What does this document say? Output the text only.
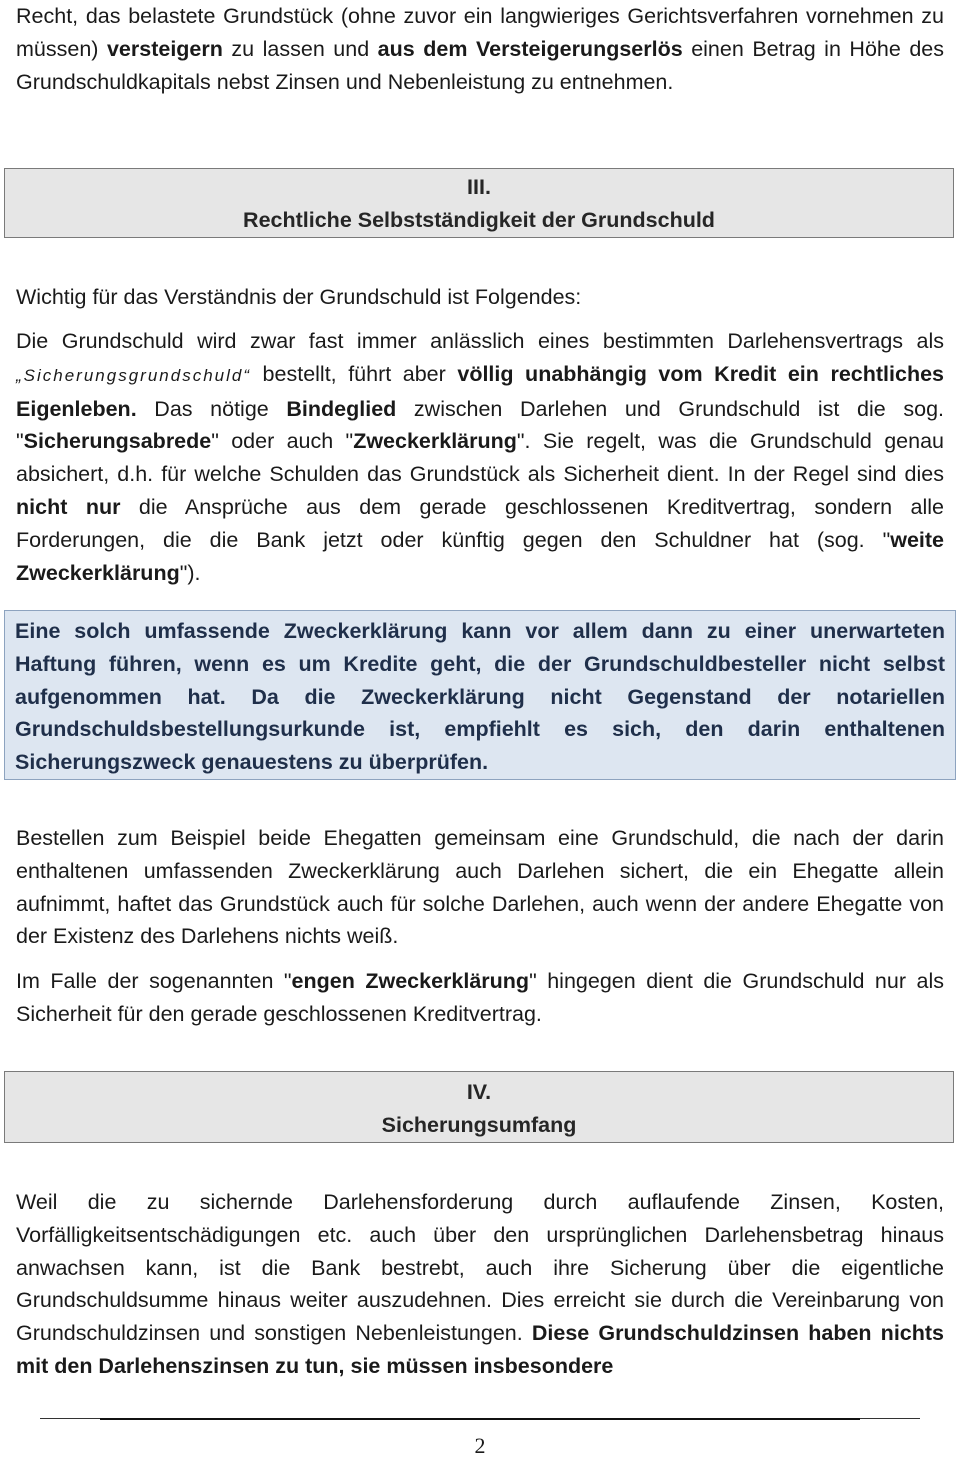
Recht, das belastete Grundstück (ohne zuvor ein langwieriges Gerichtsverfahren vornehmen zu müssen) versteigern zu lassen und aus dem Versteigerungserlös einen Betrag in Höhe des Grundschuldkapitals nebst Zinsen und Nebenleistung zu entnehmen.

III.
Rechtliche Selbstständigkeit der Grundschuld

Wichtig für das Verständnis der Grundschuld ist Folgendes:

Die Grundschuld wird zwar fast immer anlässlich eines bestimmten Darlehensvertrags als „Sicherungsgrundschuld“ bestellt, führt aber völlig unabhängig vom Kredit ein rechtliches Eigenleben. Das nötige Bindeglied zwischen Darlehen und Grundschuld ist die sog. "Sicherungsabrede" oder auch "Zweckerklärung". Sie regelt, was die Grundschuld genau absichert, d.h. für welche Schulden das Grundstück als Sicherheit dient. In der Regel sind dies nicht nur die Ansprüche aus dem gerade geschlossenen Kreditvertrag, sondern alle Forderungen, die die Bank jetzt oder künftig gegen den Schuldner hat (sog. "weite Zweckerklärung").

Eine solch umfassende Zweckerklärung kann vor allem dann zu einer unerwarteten Haftung führen, wenn es um Kredite geht, die der Grundschuldbesteller nicht selbst aufgenommen hat. Da die Zweckerklärung nicht Gegenstand der notariellen Grundschuldsbestellungsurkunde ist, empfiehlt es sich, den darin enthaltenen Sicherungszweck genauestens zu überprüfen.

Bestellen zum Beispiel beide Ehegatten gemeinsam eine Grundschuld, die nach der darin enthaltenen umfassenden Zweckerklärung auch Darlehen sichert, die ein Ehegatte allein aufnimmt, haftet das Grundstück auch für solche Darlehen, auch wenn der andere Ehegatte von der Existenz des Darlehens nichts weiß.

Im Falle der sogenannten "engen Zweckerklärung" hingegen dient die Grundschuld nur als Sicherheit für den gerade geschlossenen Kreditvertrag.

IV.
Sicherungsumfang

Weil die zu sichernde Darlehensforderung durch auflaufende Zinsen, Kosten, Vorfälligkeitsentschädigungen etc. auch über den ursprünglichen Darlehensbetrag hinaus anwachsen kann, ist die Bank bestrebt, auch ihre Sicherung über die eigentliche Grundschuldsumme hinaus weiter auszudehnen. Dies erreicht sie durch die Vereinbarung von Grundschuldzinsen und sonstigen Nebenleistungen. Diese Grundschuldzinsen haben nichts mit den Darlehenszinsen zu tun, sie müssen insbesondere

2
